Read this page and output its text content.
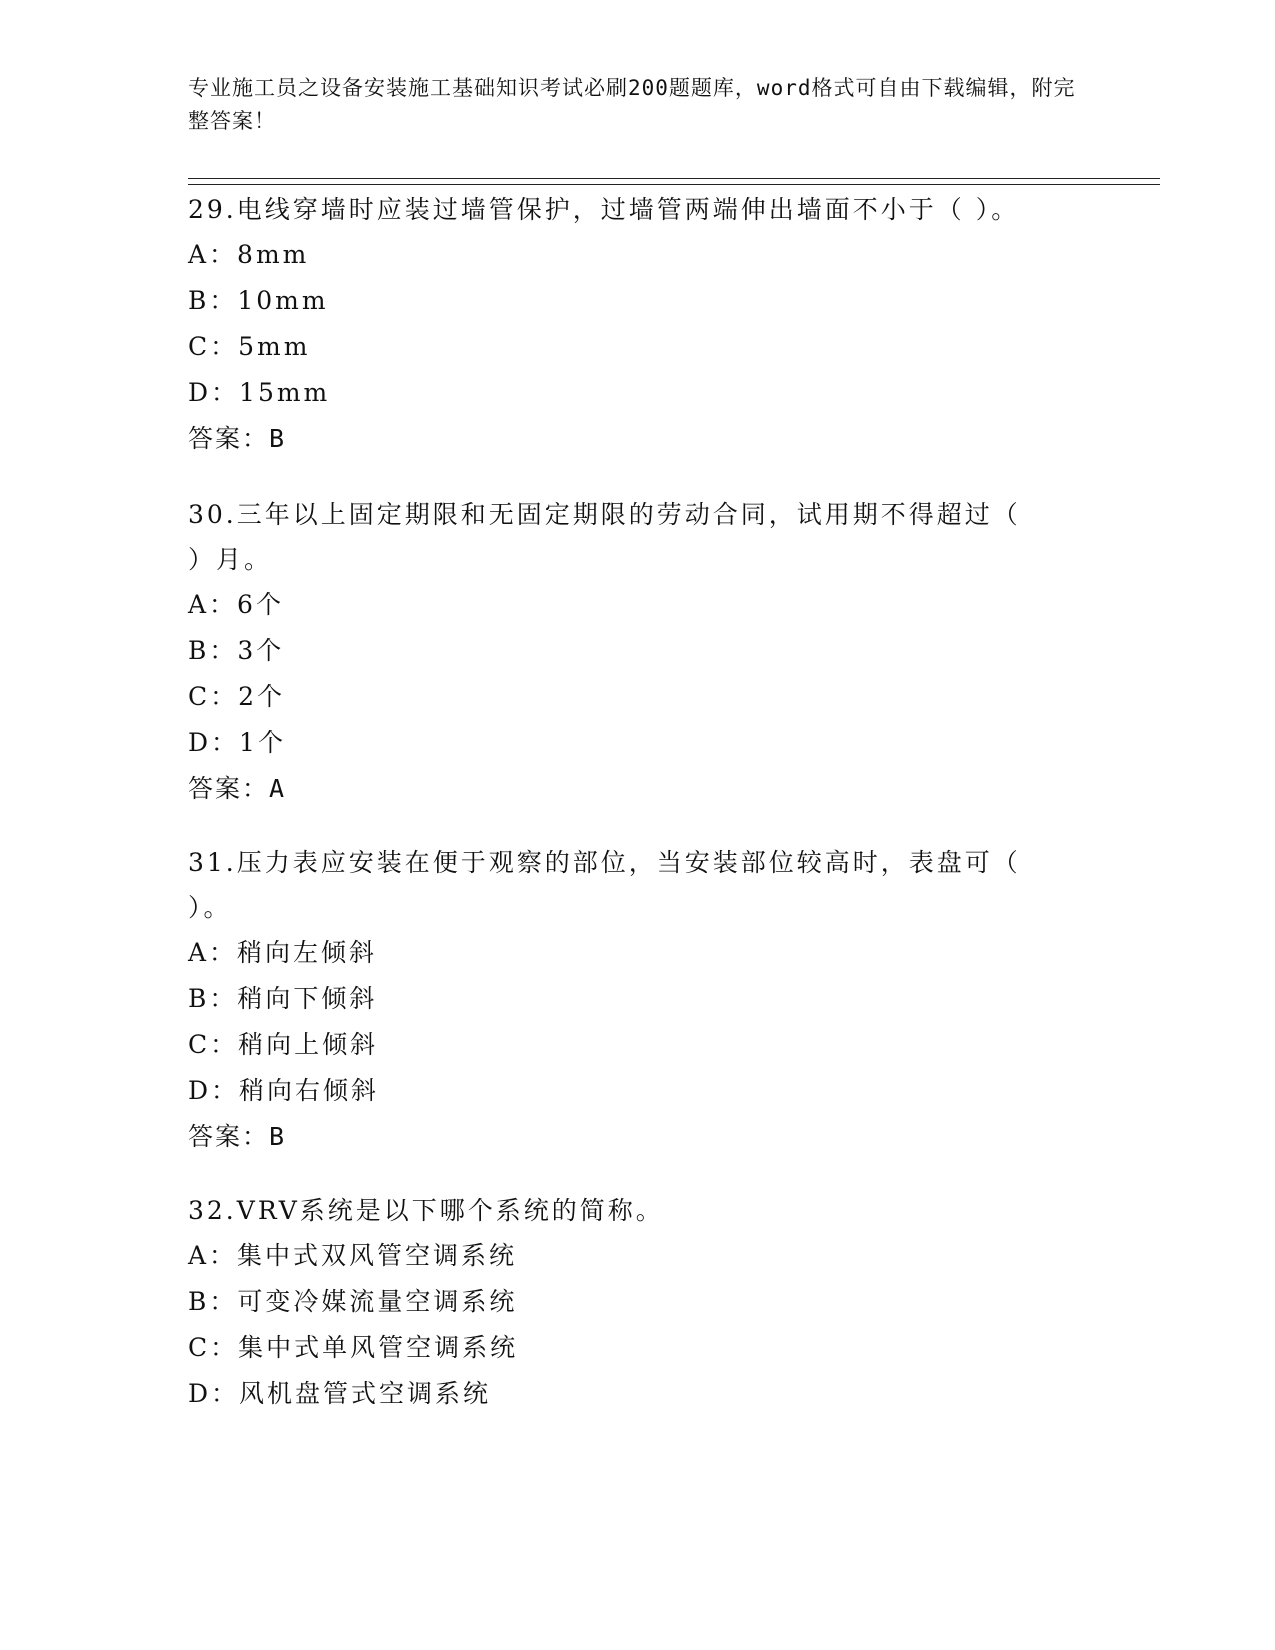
专业施工员之设备安装施工基础知识考试必刷200题题库，word格式可自由下载编辑，附完整答案！
29.电线穿墙时应装过墙管保护，过墙管两端伸出墙面不小于（ ）。
A：8mm
B：10mm
C：5mm
D：15mm
答案：B
30.三年以上固定期限和无固定期限的劳动合同，试用期不得超过（
）月。
A：6个
B：3个
C：2个
D：1个
答案：A
31.压力表应安装在便于观察的部位，当安装部位较高时，表盘可（
）。
A：稍向左倾斜
B：稍向下倾斜
C：稍向上倾斜
D：稍向右倾斜
答案：B
32.VRV系统是以下哪个系统的简称。
A：集中式双风管空调系统
B：可变冷媒流量空调系统
C：集中式单风管空调系统
D：风机盘管式空调系统
